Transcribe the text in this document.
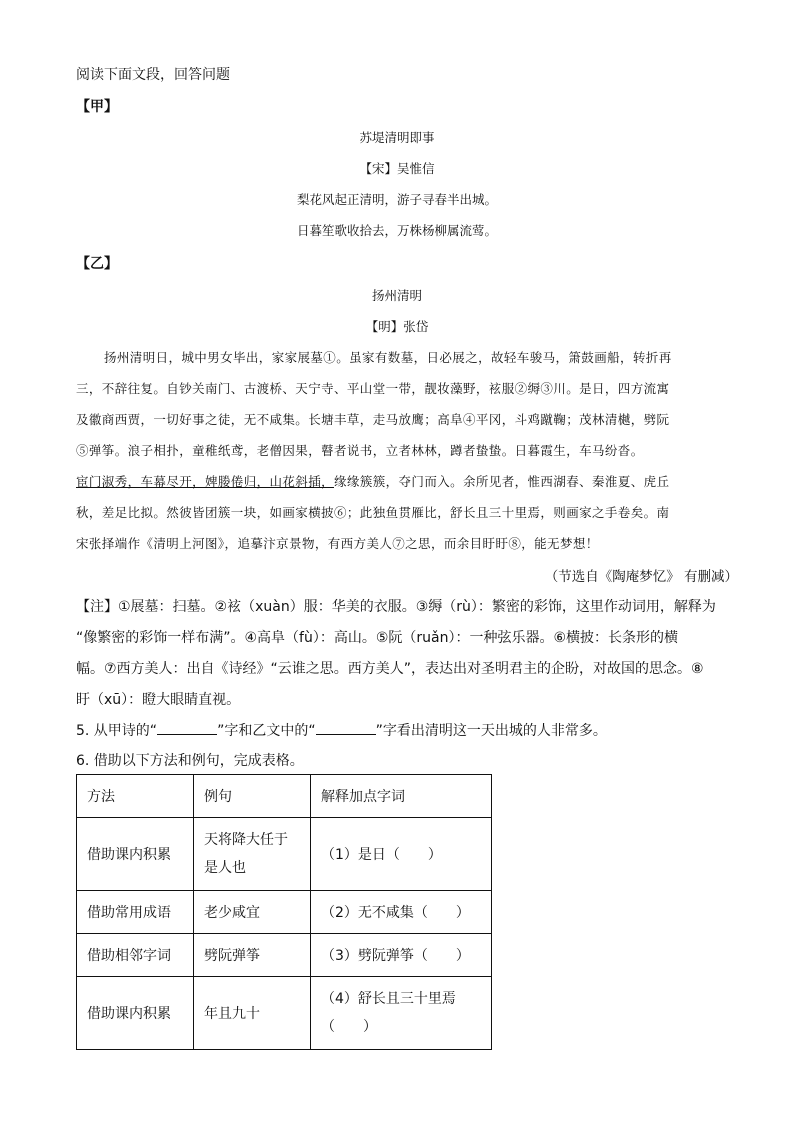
阅读下面文段，回答问题
【甲】
苏堤清明即事
【宋】吴惟信
梨花风起正清明，游子寻春半出城。
日暮笙歌收拾去，万株杨柳属流莺。
【乙】
扬州清明
【明】张岱
扬州清明日，城中男女毕出，家家展墓①。虽家有数墓，日必展之，故轻车骏马，箫鼓画船，转折再
三，不辞往复。自钞关南门、古渡桥、天宁寺、平山堂一带，靓妆藻野，袨服②缛③川。是日，四方流寓
及徽商西贾，一切好事之徒，无不咸集。长塘丰草，走马放鹰；高阜④平冈，斗鸡蹴鞠；茂林清樾，劈阮
⑤弹筝。浪子相扑，童稚纸鸢，老僧因果，瞽者说书，立者林林，蹲者蛰蛰。日暮霞生，车马纷沓。
宦门淑秀，车幕尽开，婢媵倦归，山花斜插，缘缘簇簇，夺门而入。余所见者，惟西湖春、秦淮夏、虎丘
秋，差足比拟。然彼皆团簇一块，如画家横披⑥；此独鱼贯雁比，舒长且三十里焉，则画家之手卷矣。南
宋张择端作《清明上河图》，追摹汴京景物，有西方美人⑦之思，而余目盱盱⑧，能无梦想！
（节选自《陶庵梦忆》 有删减）
【注】①展墓：扫墓。②袨（xuàn）服：华美的衣服。③缛（rù）：繁密的彩饰，这里作动词用，解释为
“像繁密的彩饰一样布满”。④高阜（fù）：高山。⑤阮（ruǎn）：一种弦乐器。⑥横披：长条形的横
幅。⑦西方美人：出自《诗经》“云谁之思。西方美人”，表达出对圣明君主的企盼，对故国的思念。⑧
盱（xū）：瞪大眼睛直视。
5. 从甲诗的“	”字和乙文中的“	”字看出清明这一天出城的人非常多。
6. 借助以下方法和例句，完成表格。
方法	例句	解释加点字词
借助课内积累	天将降大任于是人也	（1）是日（　　）
借助常用成语	老少咸宜	（2）无不咸集（　　）
借助相邻字词	劈阮弹筝	（3）劈阮弹筝（　　）
借助课内积累	年且九十	（4）舒长且三十里焉（　　）
